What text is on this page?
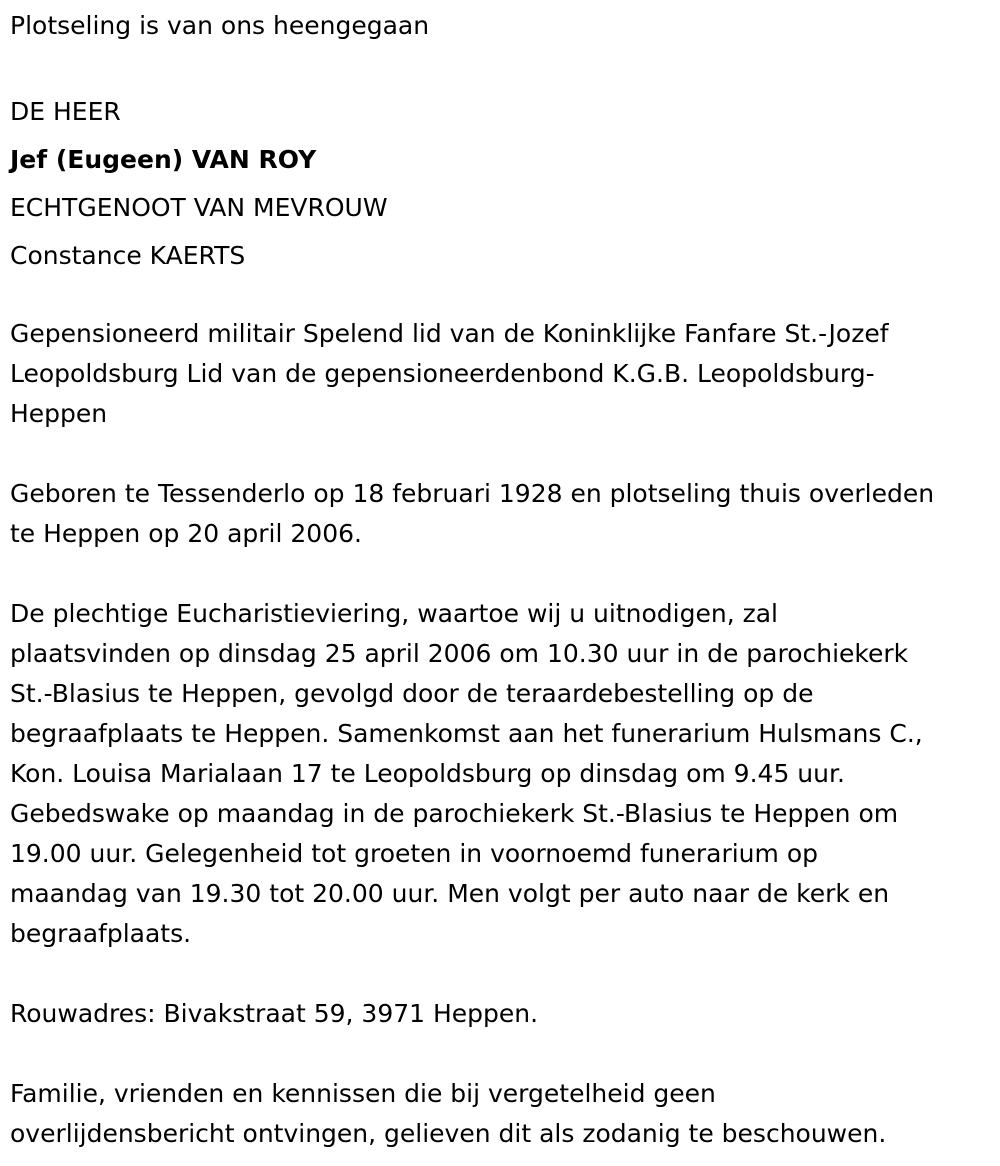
Plotseling is van ons heengegaan

DE HEER

Jef (Eugeen) VAN ROY

ECHTGENOOT VAN MEVROUW

Constance KAERTS

Gepensioneerd militair Spelend lid van de Koninklijke Fanfare St.-Jozef

Leopoldsburg Lid van de gepensioneerdenbond K.G.B. Leopoldsburg-

Heppen

Geboren te Tessenderlo op 18 februari 1928 en plotseling thuis overleden

te Heppen op 20 april 2006.

De plechtige Eucharistieviering, waartoe wij u uitnodigen, zal

plaatsvinden op dinsdag 25 april 2006 om 10.30 uur in de parochiekerk

St.-Blasius te Heppen, gevolgd door de teraardebestelling op de

begraafplaats te Heppen. Samenkomst aan het funerarium Hulsmans C.,

Kon. Louisa Marialaan 17 te Leopoldsburg op dinsdag om 9.45 uur.

Gebedswake op maandag in de parochiekerk St.-Blasius te Heppen om

19.00 uur. Gelegenheid tot groeten in voornoemd funerarium op

maandag van 19.30 tot 20.00 uur. Men volgt per auto naar de kerk en

begraafplaats.

Rouwadres: Bivakstraat 59, 3971 Heppen.

Familie, vrienden en kennissen die bij vergetelheid geen

overlijdensbericht ontvingen, gelieven dit als zodanig te beschouwen.
